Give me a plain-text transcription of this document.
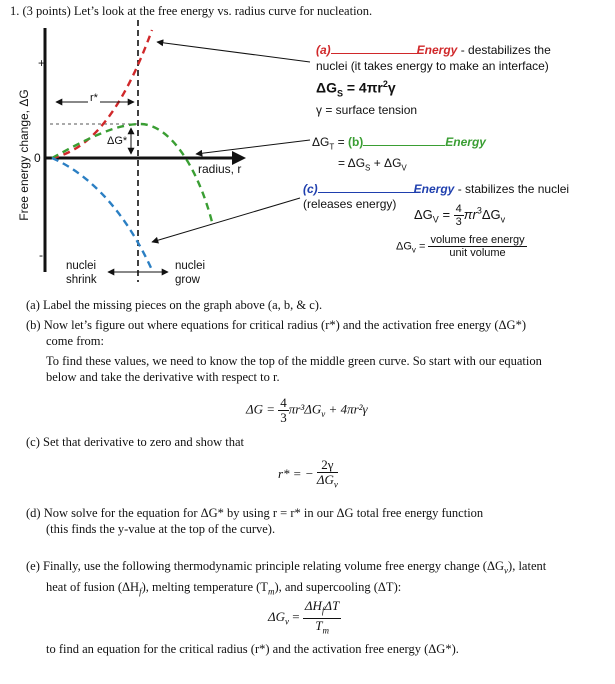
1. (3 points) Let’s look at the free energy vs. radius curve for nucleation.
Free energy change, ΔG
+
0
-
radius, r
r*
ΔG*
nuclei
shrink
nuclei
grow
(a)	Energy - destabilizes the
nuclei (it takes energy to make an interface)
$\Delta G_S = 4\pi r^2\gamma$
γ = surface tension
$\Delta G_T = (b)$	Energy
= $\Delta G_S + \Delta G_V$
(c)	Energy - stabilizes the nuclei
(releases energy)
$\Delta G_V = \frac{4}{3} \pi r^3\Delta G_v$
$\Delta G_v = \frac{\text{volume free energy}}{\text{unit volume}}$
(a) Label the missing pieces on the graph above (a, b, & c).
(b) Now let’s figure out where equations for critical radius (r*) and the activation free energy (ΔG*)
come from:
To find these values, we need to know the top of the middle green curve. So start with our equation
below and take the derivative with respect to r.
$\Delta G = \frac{4}{3} \pi r^3\Delta G_v + 4\pi r^2\gamma$
(c) Set that derivative to zero and show that
r* = − $\frac{2\gamma}{\Delta G_v}$
(d) Now solve for the equation for ΔG* by using r = r* in our ΔG total free energy function
(this finds the y-value at the top of the curve).
(e) Finally, use the following thermodynamic principle relating volume free energy change $(\Delta G_v)$, latent
heat of fusion $(\Delta H_f)$, melting temperature $(T_m)$, and supercooling (ΔT):
$\Delta G_v = \frac{\Delta H_f\Delta T}{T_m}$
to find an equation for the critical radius (r*) and the activation free energy (ΔG*).
